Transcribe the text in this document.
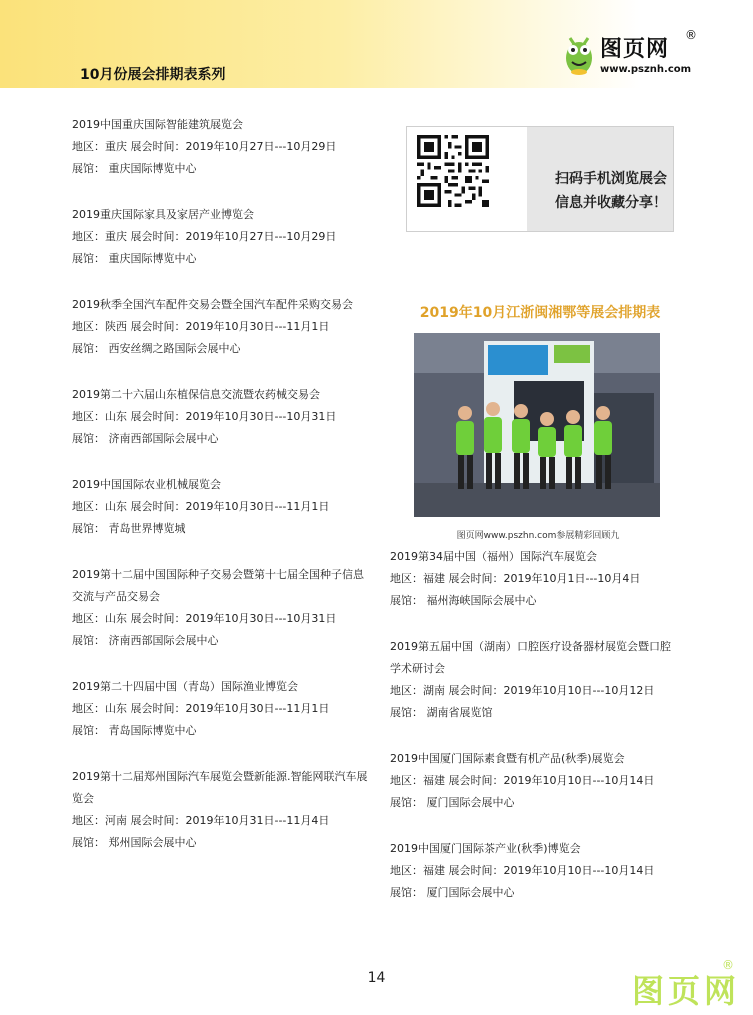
10月份展会排期表系列
图页网
®
www.psznh.com
2019中国重庆国际智能建筑展览会
地区：重庆 展会时间：2019年10月27日---10月29日
展馆： 重庆国际博览中心
2019重庆国际家具及家居产业博览会
地区：重庆 展会时间：2019年10月27日---10月29日
展馆： 重庆国际博览中心
2019秋季全国汽车配件交易会暨全国汽车配件采购交易会
地区：陕西 展会时间：2019年10月30日---11月1日
展馆： 西安丝绸之路国际会展中心
2019第二十六届山东植保信息交流暨农药械交易会
地区：山东 展会时间：2019年10月30日---10月31日
展馆： 济南西部国际会展中心
2019中国国际农业机械展览会
地区：山东 展会时间：2019年10月30日---11月1日
展馆： 青岛世界博览城
2019第十二届中国国际种子交易会暨第十七届全国种子信息交流与产品交易会
地区：山东 展会时间：2019年10月30日---10月31日
展馆： 济南西部国际会展中心
2019第二十四届中国（青岛）国际渔业博览会
地区：山东 展会时间：2019年10月30日---11月1日
展馆： 青岛国际博览中心
2019第十二届郑州国际汽车展览会暨新能源.智能网联汽车展览会
地区：河南 展会时间：2019年10月31日---11月4日
展馆： 郑州国际会展中心
扫码手机浏览展会
信息并收藏分享！
2019年10月江浙闽湘鄂等展会排期表
图页网www.pszhn.com参展精彩回顾九
2019第34届中国（福州）国际汽车展览会
地区：福建 展会时间：2019年10月1日---10月4日
展馆： 福州海峡国际会展中心
2019第五届中国（湖南）口腔医疗设备器材展览会暨口腔学术研讨会
地区：湖南 展会时间：2019年10月10日---10月12日
展馆： 湖南省展览馆
2019中国厦门国际素食暨有机产品(秋季)展览会
地区：福建 展会时间：2019年10月10日---10月14日
展馆： 厦门国际会展中心
2019中国厦门国际茶产业(秋季)博览会
地区：福建 展会时间：2019年10月10日---10月14日
展馆： 厦门国际会展中心
14	图页网
®
